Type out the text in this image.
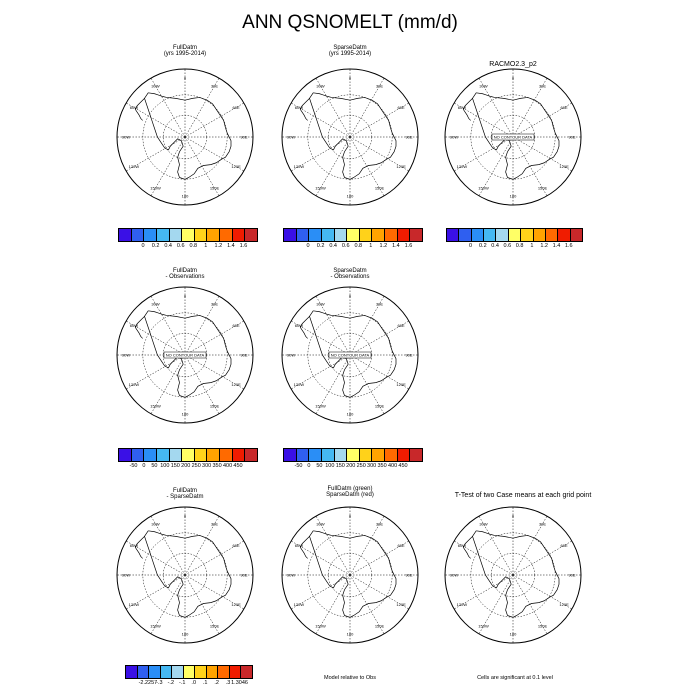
ANN QSNOMELT (mm/d)
FullDatm
(yrs 1995-2014)
0
30E
60E
90E
120E
150E
180
150W
120W
90W
60W
30W
SparseDatm
(yrs 1995-2014)
0
30E
60E
90E
120E
150E
180
150W
120W
90W
60W
30W
RACMO2.3_p2
0
30E
60E
90E
120E
150E
180
150W
120W
90W
60W
30W
NO CONTOUR DATA
FullDatm
- Observations
0
30E
60E
90E
120E
150E
180
150W
120W
90W
60W
30W
NO CONTOUR DATA
SparseDatm
- Observations
0
30E
60E
90E
120E
150E
180
150W
120W
90W
60W
30W
NO CONTOUR DATA
FullDatm
- SparseDatm
0
30E
60E
90E
120E
150E
180
150W
120W
90W
60W
30W
FullDatm (green)
SparseDatm (red)
0
30E
60E
90E
120E
150E
180
150W
120W
90W
60W
30W
T-Test of two Case means at each grid point
0
30E
60E
90E
120E
150E
180
150W
120W
90W
60W
30W
0 0.2 0.4 0.6 0.8 1 1.2 1.4 1.6	0 0.2 0.4 0.6 0.8 1 1.2 1.4 1.6	0 0.2 0.4 0.6 0.8 1 1.2 1.4 1.6
-50 0 50 100 150 200 250 300 350 400 450	-50 0 50 100 150 200 250 300 350 400 450
-2.2257
-.3 -.2 -.1 .0 .1 .2 .3 1.3046
Model relative to Obs	Cells are significant at 0.1 level
